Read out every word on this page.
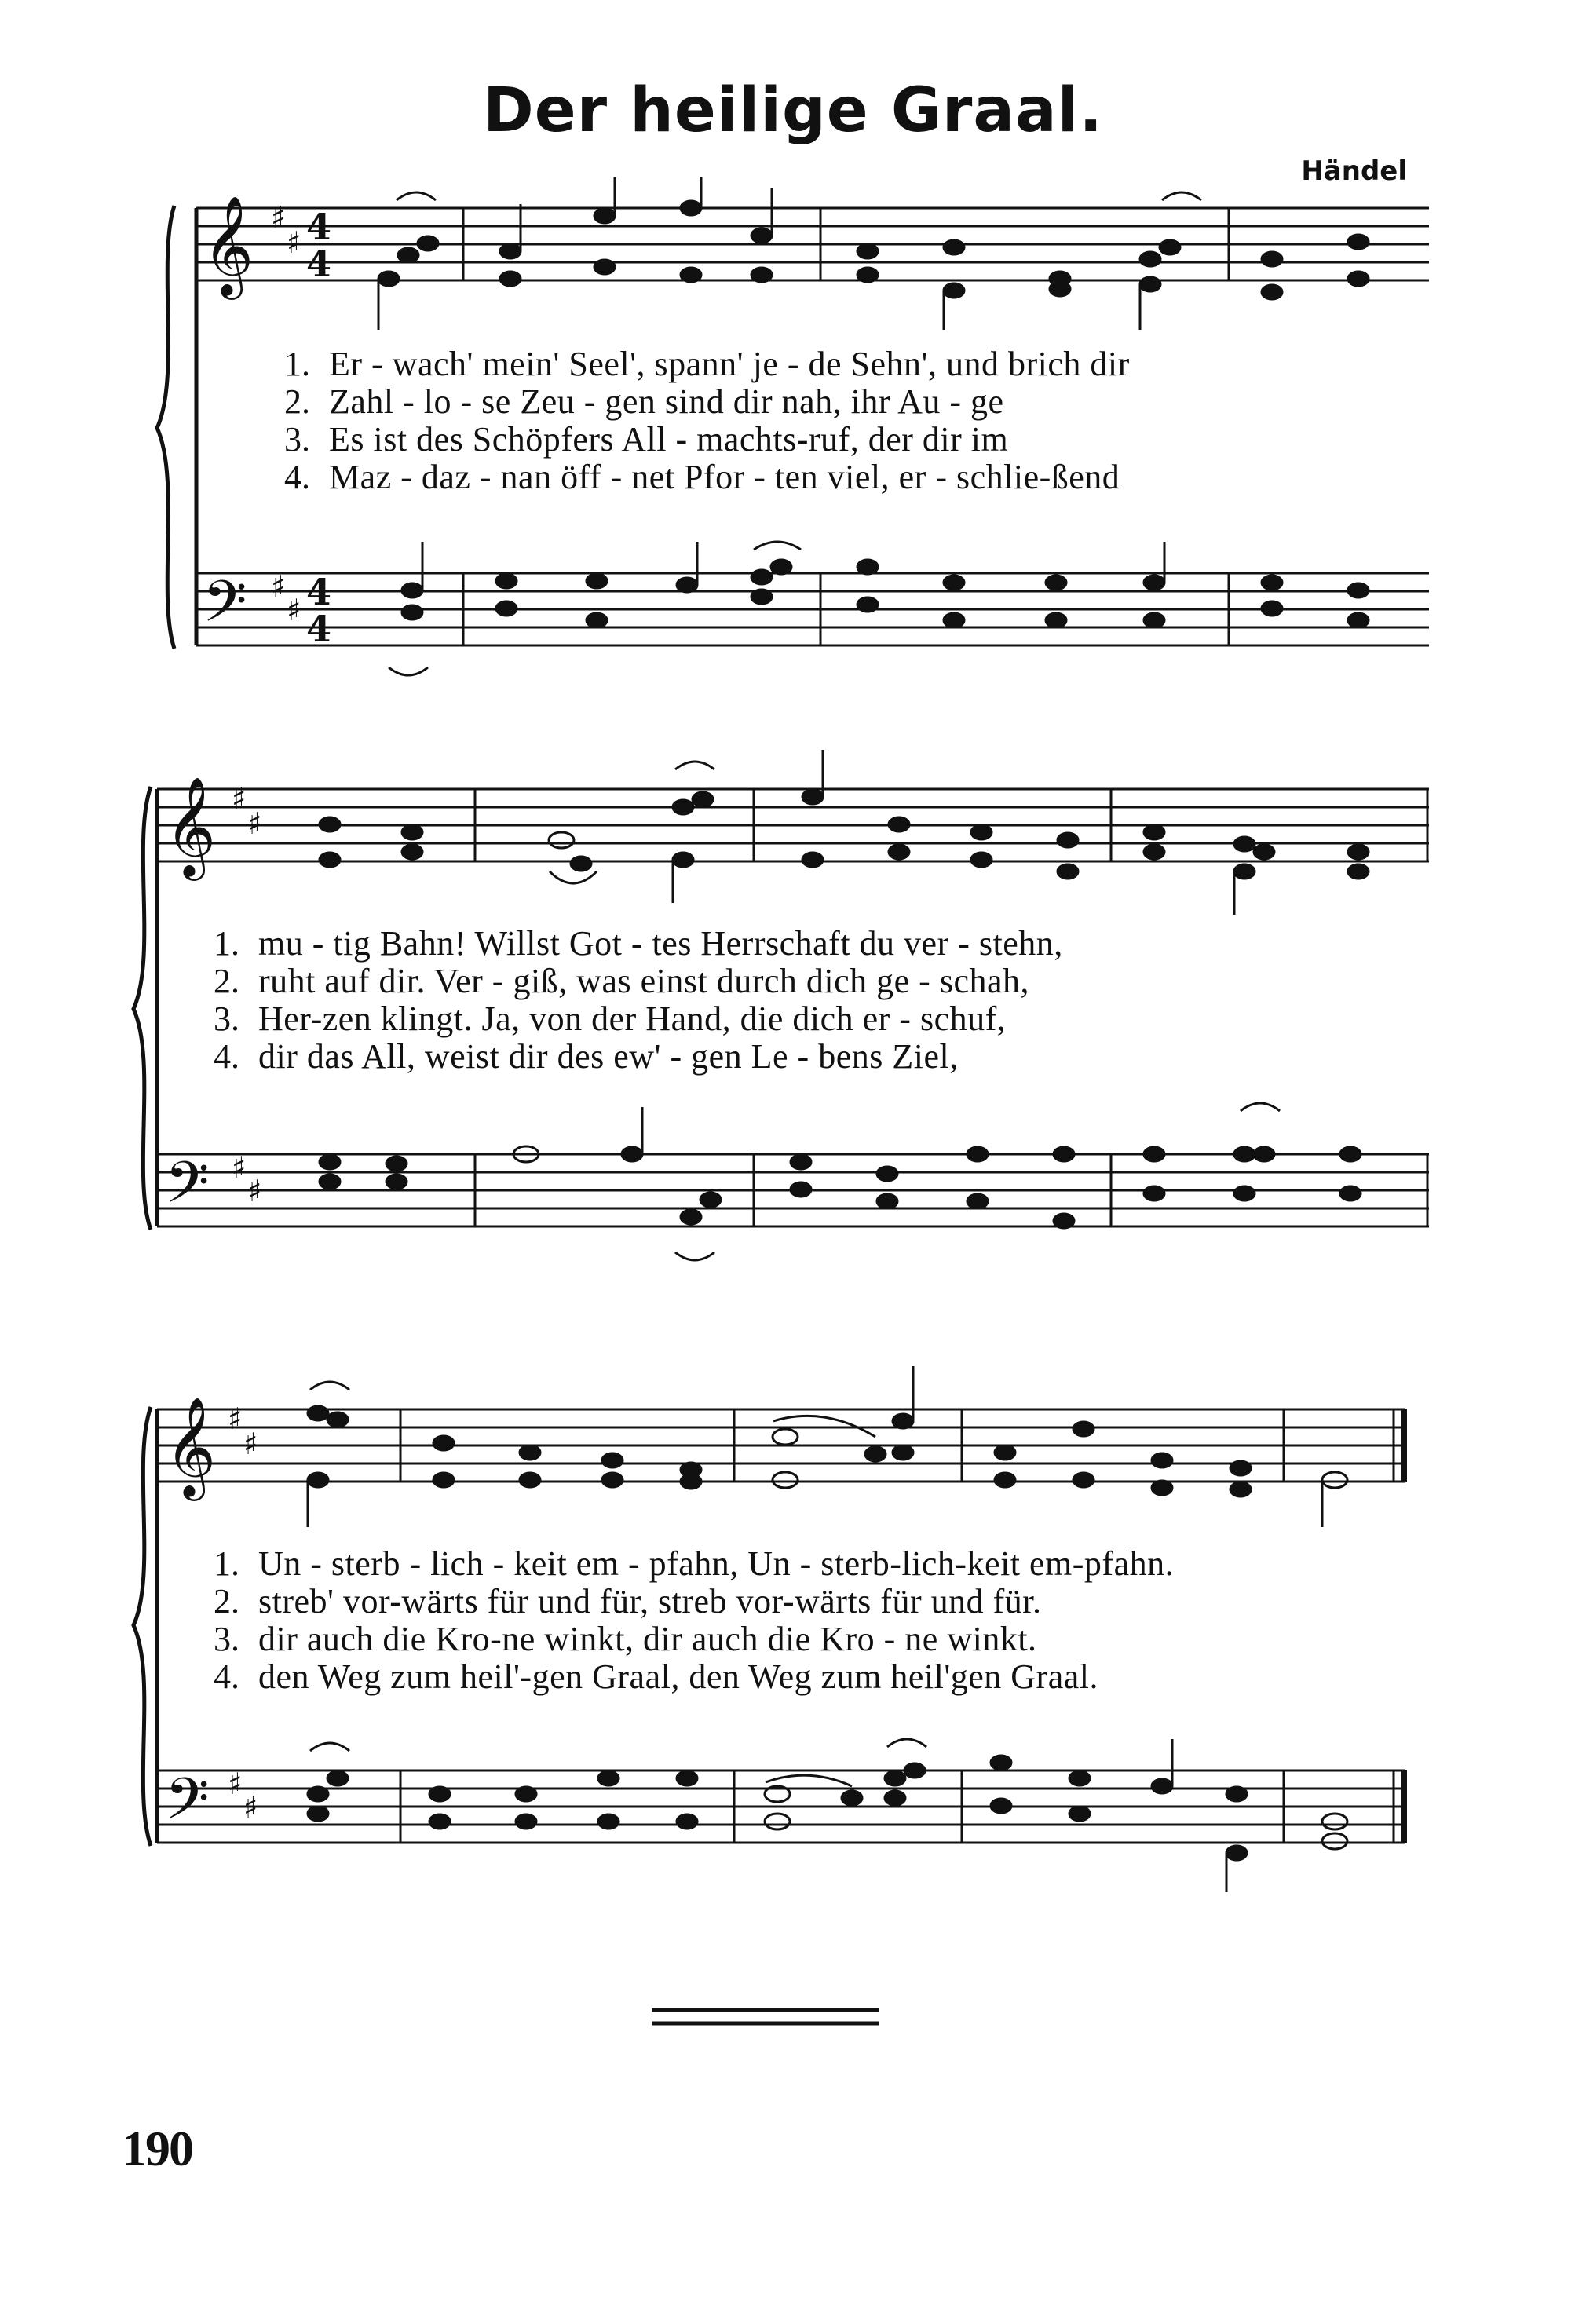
Der heilige Graal.
Händel
𝄞
𝄢
♯
♯
♯
♯
4
4
4
4
1. Er - wach' mein' Seel', spann' je - de Sehn', und brich dir
2. Zahl - lo - se Zeu - gen sind dir nah, ihr Au - ge
3. Es ist des Schöpfers All - machts-ruf, der dir im
4. Maz - daz - nan öff - net Pfor - ten viel, er - schlie-ßend
𝄞
𝄢
♯
♯
♯
♯
1. mu - tig Bahn! Willst Got - tes Herrschaft du ver - stehn,
2. ruht auf dir. Ver - giß, was einst durch dich ge - schah,
3. Her-zen klingt. Ja, von der Hand, die dich er - schuf,
4. dir das All, weist dir des ew' - gen Le - bens Ziel,
𝄞
𝄢
♯
♯
♯
♯
1. Un - sterb - lich - keit em - pfahn, Un - sterb-lich-keit em-pfahn.
2. streb' vor-wärts für und für, streb vor-wärts für und für.
3. dir auch die Kro-ne winkt, dir auch die Kro - ne winkt.
4. den Weg zum heil'-gen Graal, den Weg zum heil'gen Graal.
190
